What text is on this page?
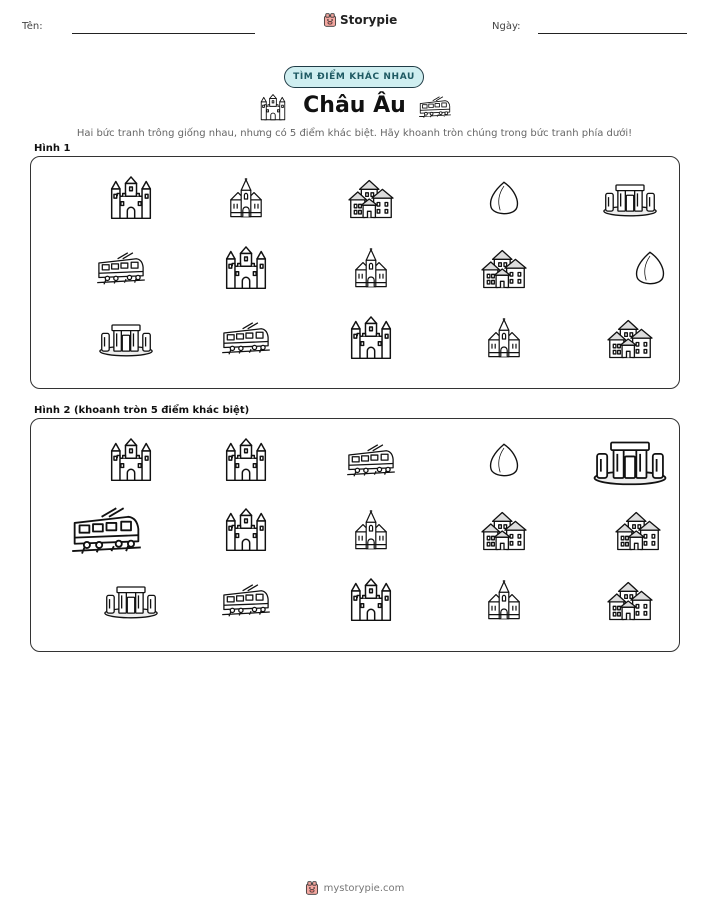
Tên:	Storypie	Ngày:
TÌM ĐIỂM KHÁC NHAU
Châu Âu
Hai bức tranh trông giống nhau, nhưng có 5 điểm khác biệt. Hãy khoanh tròn chúng trong bức tranh phía dưới!
Hình 1
Hình 2 (khoanh tròn 5 điểm khác biệt)
mystorypie.com
